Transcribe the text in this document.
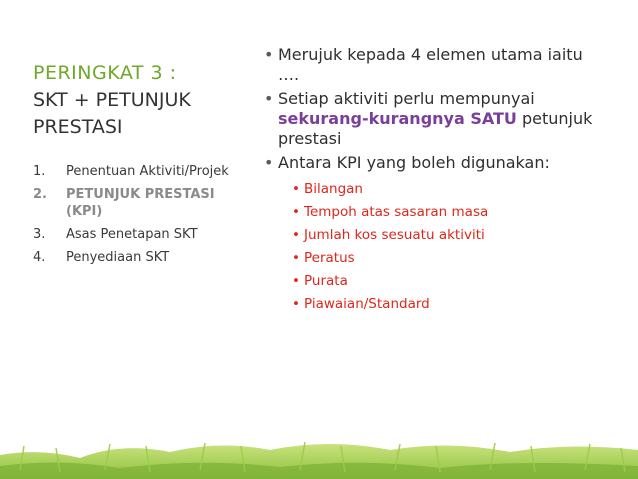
PERINGKAT 3 :
SKT + PETUNJUK
PRESTASI
1.	Penentuan Aktiviti/Projek
2.	PETUNJUK PRESTASI (KPI)
3.	Asas Penetapan SKT
4.	Penyediaan SKT
• Merujuk kepada 4 elemen utama iaitu ….
• Setiap aktiviti perlu mempunyai sekurang-kurangnya SATU petunjuk prestasi
• Antara KPI yang boleh digunakan:
• Bilangan
• Tempoh atas sasaran masa
• Jumlah kos sesuatu aktiviti
• Peratus
• Purata
• Piawaian/Standard
